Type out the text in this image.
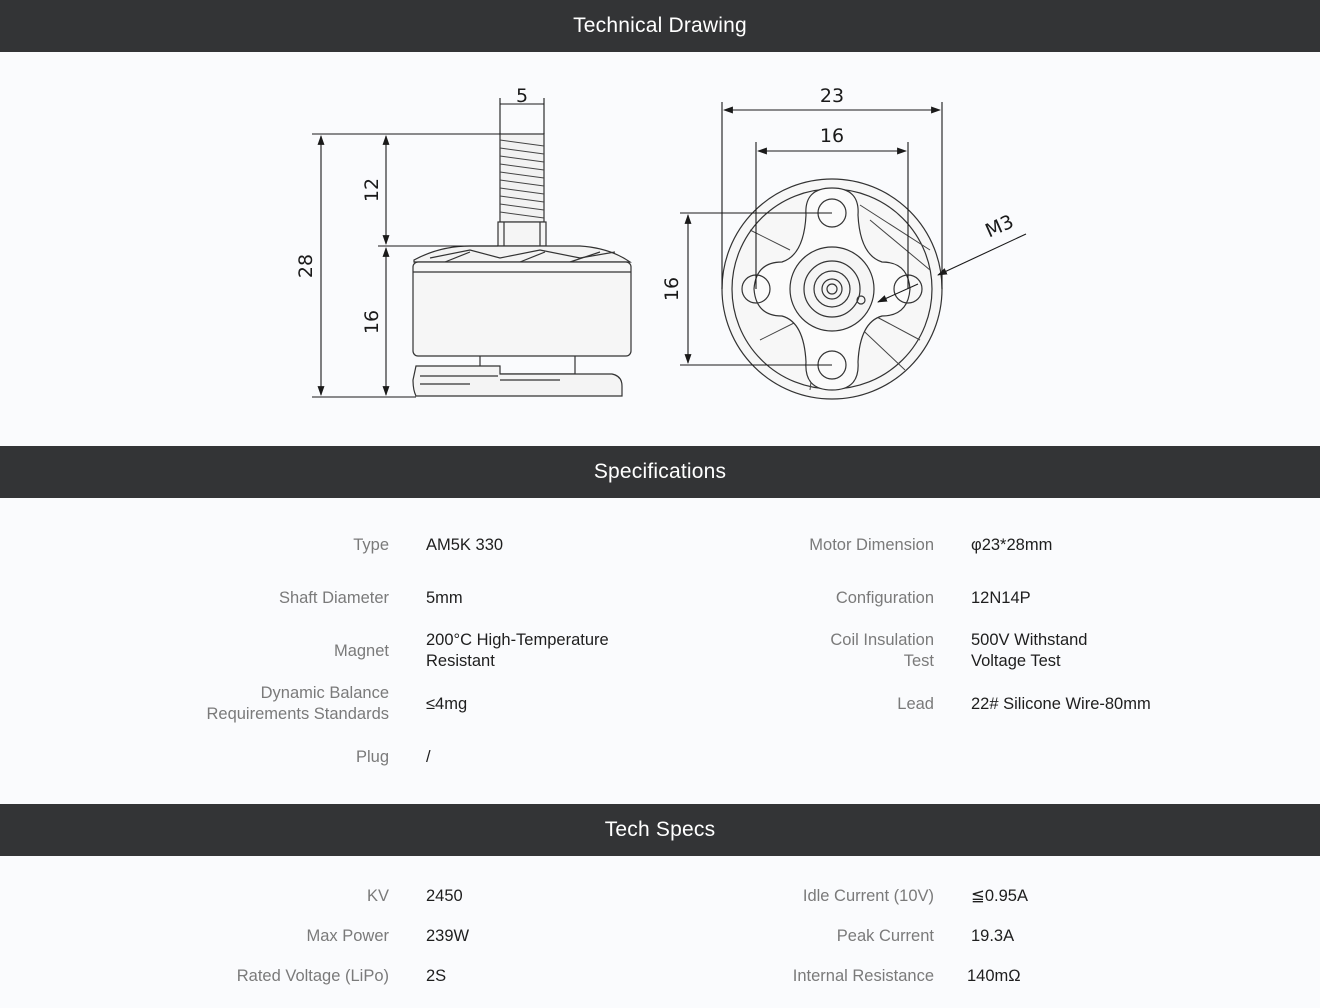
Technical Drawing
5
12
28
16
23
16
16
M3
Specifications
Type AM5K 330
Shaft Diameter 5mm
Magnet
200°C High-Temperature Resistant
Dynamic Balance Requirements Standards
≤4mg
Plug /
Motor Dimension φ23*28mm
Configuration 12N14P
Coil Insulation Test
500V Withstand Voltage Test
Lead 22# Silicone Wire-80mm
Tech Specs
KV 2450
Max Power 239W
Rated Voltage (LiPo) 2S
Idle Current (10V) ≦0.95A
Peak Current 19.3A
Internal Resistance 140mΩ
